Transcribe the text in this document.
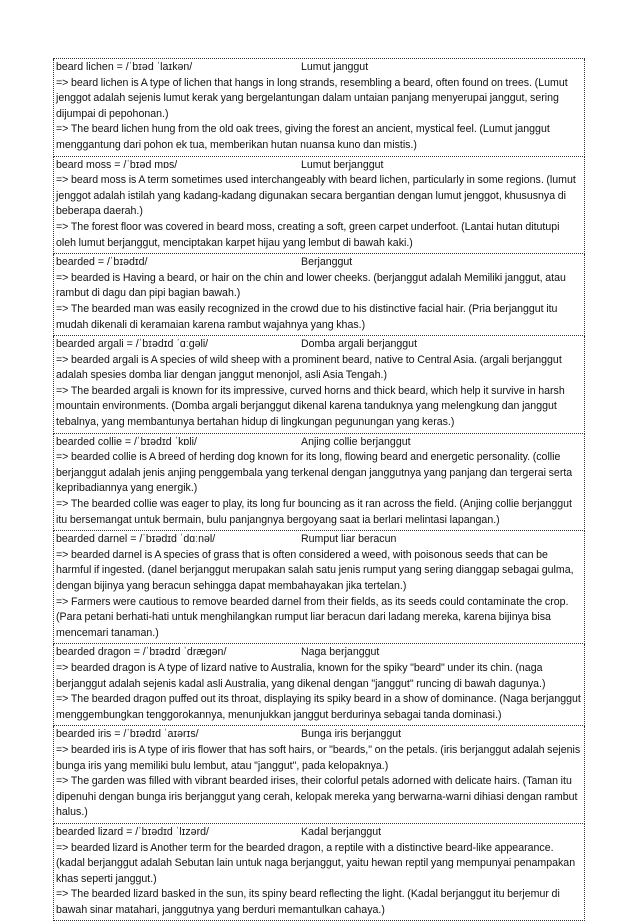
beard lichen = /ˈbɪəd ˈlaɪkən/	Lumut janggut
=> beard lichen is A type of lichen that hangs in long strands, resembling a beard, often found on trees. (Lumut jenggot adalah sejenis lumut kerak yang bergelantungan dalam untaian panjang menyerupai janggut, sering dijumpai di pepohonan.)
=> The beard lichen hung from the old oak trees, giving the forest an ancient, mystical feel. (Lumut janggut menggantung dari pohon ek tua, memberikan hutan nuansa kuno dan mistis.)
beard moss = /ˈbɪəd mɒs/	Lumut berjanggut
=> beard moss is A term sometimes used interchangeably with beard lichen, particularly in some regions. (lumut jenggot adalah istilah yang kadang-kadang digunakan secara bergantian dengan lumut jenggot, khususnya di beberapa daerah.)
=> The forest floor was covered in beard moss, creating a soft, green carpet underfoot. (Lantai hutan ditutupi oleh lumut berjanggut, menciptakan karpet hijau yang lembut di bawah kaki.)
bearded = /ˈbɪədɪd/	Berjanggut
=> bearded is Having a beard, or hair on the chin and lower cheeks. (berjanggut adalah Memiliki janggut, atau rambut di dagu dan pipi bagian bawah.)
=> The bearded man was easily recognized in the crowd due to his distinctive facial hair. (Pria berjanggut itu mudah dikenali di keramaian karena rambut wajahnya yang khas.)
bearded argali = /ˈbɪədɪd ˈɑːɡəli/	Domba argali berjanggut
=> bearded argali is A species of wild sheep with a prominent beard, native to Central Asia. (argali berjanggut adalah spesies domba liar dengan janggut menonjol, asli Asia Tengah.)
=> The bearded argali is known for its impressive, curved horns and thick beard, which help it survive in harsh mountain environments. (Domba argali berjanggut dikenal karena tanduknya yang melengkung dan janggut tebalnya, yang membantunya bertahan hidup di lingkungan pegunungan yang keras.)
bearded collie = /ˈbɪədɪd ˈkɒli/	Anjing collie berjanggut
=> bearded collie is A breed of herding dog known for its long, flowing beard and energetic personality. (collie berjanggut adalah jenis anjing penggembala yang terkenal dengan janggutnya yang panjang dan tergerai serta kepribadiannya yang energik.)
=> The bearded collie was eager to play, its long fur bouncing as it ran across the field. (Anjing collie berjanggut itu bersemangat untuk bermain, bulu panjangnya bergoyang saat ia berlari melintasi lapangan.)
bearded darnel = /ˈbɪədɪd ˈdɑːnəl/	Rumput liar beracun
=> bearded darnel is A species of grass that is often considered a weed, with poisonous seeds that can be harmful if ingested. (danel berjanggut merupakan salah satu jenis rumput yang sering dianggap sebagai gulma, dengan bijinya yang beracun sehingga dapat membahayakan jika tertelan.)
=> Farmers were cautious to remove bearded darnel from their fields, as its seeds could contaminate the crop. (Para petani berhati-hati untuk menghilangkan rumput liar beracun dari ladang mereka, karena bijinya bisa mencemari tanaman.)
bearded dragon = /ˈbɪədɪd ˈdræɡən/	Naga berjanggut
=> bearded dragon is A type of lizard native to Australia, known for the spiky "beard" under its chin. (naga berjanggut adalah sejenis kadal asli Australia, yang dikenal dengan "janggut" runcing di bawah dagunya.)
=> The bearded dragon puffed out its throat, displaying its spiky beard in a show of dominance. (Naga berjanggut menggembungkan tenggorokannya, menunjukkan janggut berdurinya sebagai tanda dominasi.)
bearded iris = /ˈbɪədɪd ˈaɪərɪs/	Bunga iris berjanggut
=> bearded iris is A type of iris flower that has soft hairs, or "beards," on the petals. (iris berjanggut adalah sejenis bunga iris yang memiliki bulu lembut, atau "janggut", pada kelopaknya.)
=> The garden was filled with vibrant bearded irises, their colorful petals adorned with delicate hairs. (Taman itu dipenuhi dengan bunga iris berjanggut yang cerah, kelopak mereka yang berwarna-warni dihiasi dengan rambut halus.)
bearded lizard = /ˈbɪədɪd ˈlɪzərd/	Kadal berjanggut
=> bearded lizard is Another term for the bearded dragon, a reptile with a distinctive beard-like appearance. (kadal berjanggut adalah Sebutan lain untuk naga berjanggut, yaitu hewan reptil yang mempunyai penampakan khas seperti janggut.)
=> The bearded lizard basked in the sun, its spiny beard reflecting the light. (Kadal berjanggut itu berjemur di bawah sinar matahari, janggutnya yang berduri memantulkan cahaya.)
